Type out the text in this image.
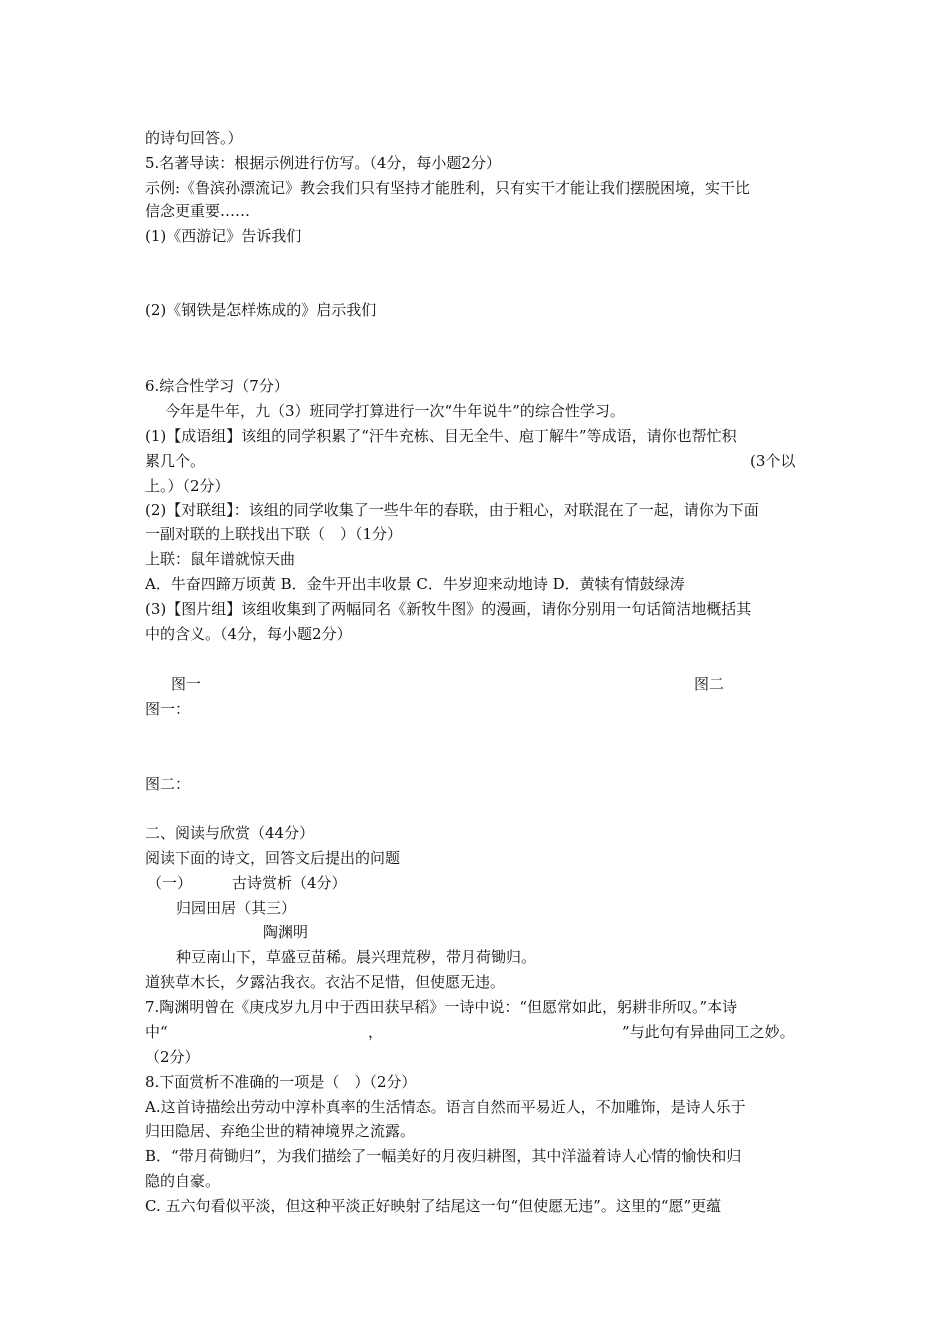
的诗句回答。）
5.名著导读：根据示例进行仿写。（4分，每小题2分）
示例:《鲁滨孙漂流记》教会我们只有坚持才能胜利，只有实干才能让我们摆脱困境，实干比
信念更重要……
(1)《西游记》告诉我们
(2)《钢铁是怎样炼成的》启示我们
6.综合性学习（7分）
今年是牛年，九（3）班同学打算进行一次“牛年说牛”的综合性学习。
(1)【成语组】该组的同学积累了“汗牛充栋、目无全牛、庖丁解牛”等成语，请你也帮忙积
累几个。	(3个以
上。）（2分）
(2)【对联组】：该组的同学收集了一些牛年的春联，由于粗心，对联混在了一起，请你为下面
一副对联的上联找出下联（　）（1分）
上联：鼠年谱就惊天曲
A．牛奋四蹄万顷黄 B．金牛开出丰收景 C．牛岁迎来动地诗 D．黄犊有情鼓绿涛
(3)【图片组】该组收集到了两幅同名《新牧牛图》的漫画，请你分别用一句话简洁地概括其
中的含义。（4分，每小题2分）
图一	图二
图一：
图二：
二、阅读与欣赏（44分）
阅读下面的诗文，回答文后提出的问题
（一）	古诗赏析（4分）
归园田居（其三）
陶渊明
种豆南山下，草盛豆苗稀。晨兴理荒秽，带月荷锄归。
道狭草木长，夕露沾我衣。衣沾不足惜，但使愿无违。
7.陶渊明曾在《庚戌岁九月中于西田获早稻》一诗中说：“但愿常如此，躬耕非所叹。”本诗
中“	，	”与此句有异曲同工之妙。
（2分）
8.下面赏析不准确的一项是（　）（2分）
A.这首诗描绘出劳动中淳朴真率的生活情态。语言自然而平易近人，不加雕饰，是诗人乐于
归田隐居、弃绝尘世的精神境界之流露。
B．“带月荷锄归”，为我们描绘了一幅美好的月夜归耕图，其中洋溢着诗人心情的愉快和归
隐的自豪。
C. 五六句看似平淡，但这种平淡正好映射了结尾这一句“但使愿无违”。这里的“愿”更蕴
